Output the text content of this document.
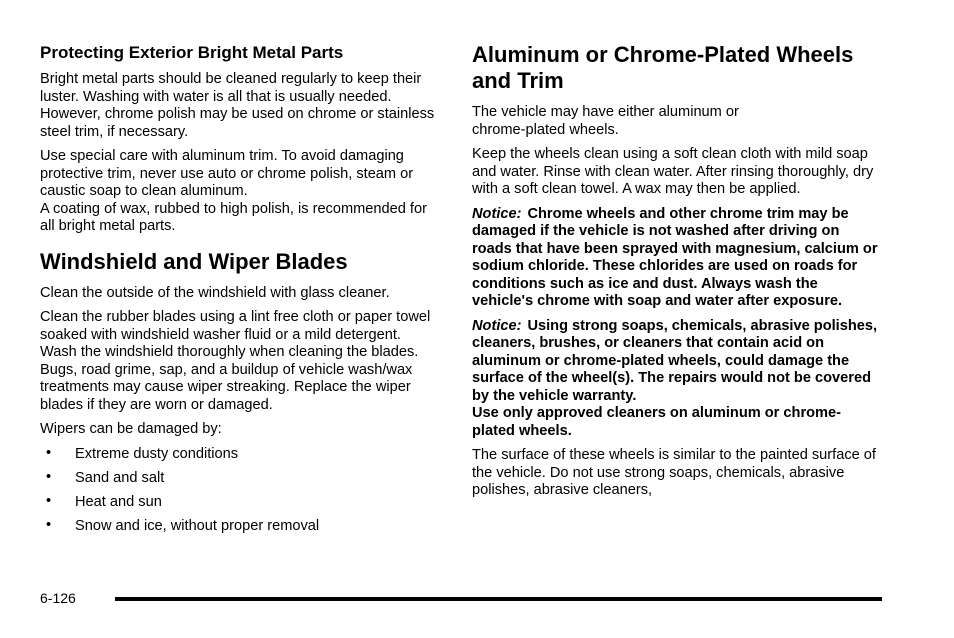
Protecting Exterior Bright Metal Parts

Bright metal parts should be cleaned regularly to keep their luster. Washing with water is all that is usually needed. However, chrome polish may be used on chrome or stainless steel trim, if necessary.

Use special care with aluminum trim. To avoid damaging protective trim, never use auto or chrome polish, steam or caustic soap to clean aluminum.
A coating of wax, rubbed to high polish, is recommended for all bright metal parts.

Windshield and Wiper Blades

Clean the outside of the windshield with glass cleaner.

Clean the rubber blades using a lint free cloth or paper towel soaked with windshield washer fluid or a mild detergent. Wash the windshield thoroughly when cleaning the blades. Bugs, road grime, sap, and a buildup of vehicle wash/wax treatments may cause wiper streaking. Replace the wiper blades if they are worn or damaged.

Wipers can be damaged by:

• Extreme dusty conditions
• Sand and salt
• Heat and sun
• Snow and ice, without proper removal
Aluminum or Chrome-Plated Wheels and Trim

The vehicle may have either aluminum or
chrome-plated wheels.

Keep the wheels clean using a soft clean cloth with mild soap and water. Rinse with clean water. After rinsing thoroughly, dry with a soft clean towel. A wax may then be applied.

Notice: Chrome wheels and other chrome trim may be damaged if the vehicle is not washed after driving on roads that have been sprayed with magnesium, calcium or sodium chloride. These chlorides are used on roads for conditions such as ice and dust. Always wash the vehicle's chrome with soap and water after exposure.

Notice: Using strong soaps, chemicals, abrasive polishes, cleaners, brushes, or cleaners that contain acid on aluminum or chrome-plated wheels, could damage the surface of the wheel(s). The repairs would not be covered by the vehicle warranty.
Use only approved cleaners on aluminum or chrome-plated wheels.

The surface of these wheels is similar to the painted surface of the vehicle. Do not use strong soaps, chemicals, abrasive polishes, abrasive cleaners,

6-126
